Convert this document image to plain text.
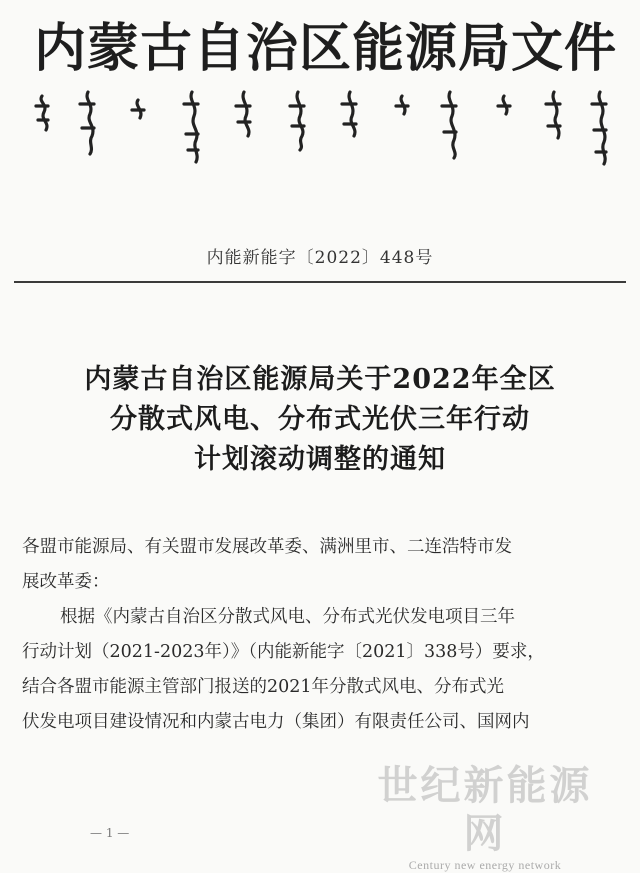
内蒙古自治区能源局文件
内能新能字〔2022〕448号
内蒙古自治区能源局关于2022年全区
分散式风电、分布式光伏三年行动
计划滚动调整的通知

各盟市能源局、有关盟市发展改革委、满洲里市、二连浩特市发

展改革委：

根据《内蒙古自治区分散式风电、分布式光伏发电项目三年

行动计划（2021-2023年）》（内能新能字〔2021〕338号）要求，

结合各盟市能源主管部门报送的2021年分散式风电、分布式光

伏发电项目建设情况和内蒙古电力（集团）有限责任公司、国网内

世纪新能源网
Century new energy network
— 1 —
